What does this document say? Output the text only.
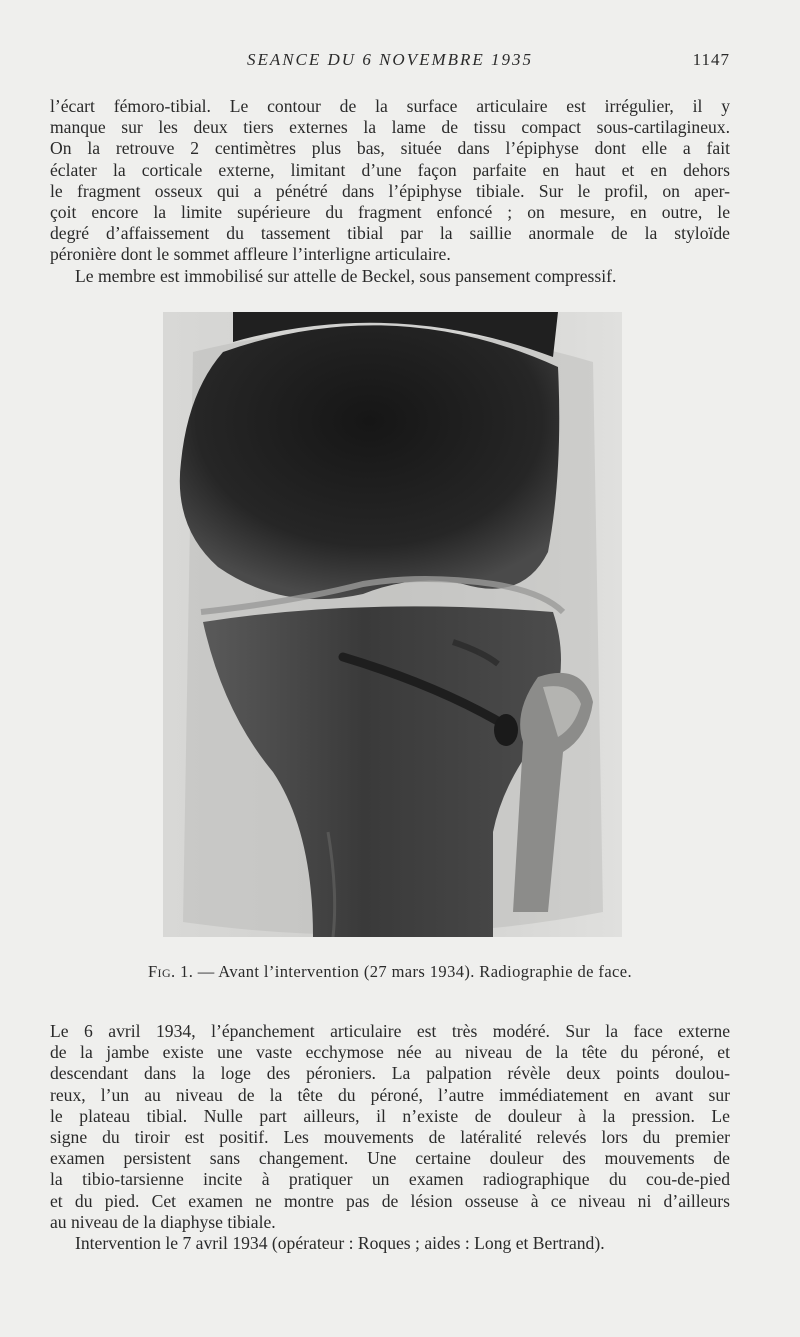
SEANCE DU 6 NOVEMBRE 1935	1147
l’écart fémoro-tibial. Le contour de la surface articulaire est irrégulier, il y
manque sur les deux tiers externes la lame de tissu compact sous-cartilagineux.
On la retrouve 2 centimètres plus bas, située dans l’épiphyse dont elle a fait
éclater la corticale externe, limitant d’une façon parfaite en haut et en dehors
le fragment osseux qui a pénétré dans l’épiphyse tibiale. Sur le profil, on aper-
çoit encore la limite supérieure du fragment enfoncé ; on mesure, en outre, le
degré d’affaissement du tassement tibial par la saillie anormale de la styloïde
péronière dont le sommet affleure l’interligne articulaire.
Le membre est immobilisé sur attelle de Beckel, sous pansement compressif.
Fig. 1. — Avant l’intervention (27 mars 1934). Radiographie de face.
Le 6 avril 1934, l’épanchement articulaire est très modéré. Sur la face externe
de la jambe existe une vaste ecchymose née au niveau de la tête du péroné, et
descendant dans la loge des péroniers. La palpation révèle deux points doulou-
reux, l’un au niveau de la tête du péroné, l’autre immédiatement en avant sur
le plateau tibial. Nulle part ailleurs, il n’existe de douleur à la pression. Le
signe du tiroir est positif. Les mouvements de latéralité relevés lors du premier
examen persistent sans changement. Une certaine douleur des mouvements de
la tibio-tarsienne incite à pratiquer un examen radiographique du cou-de-pied
et du pied. Cet examen ne montre pas de lésion osseuse à ce niveau ni d’ailleurs
au niveau de la diaphyse tibiale.
Intervention le 7 avril 1934 (opérateur : Roques ; aides : Long et Bertrand).
